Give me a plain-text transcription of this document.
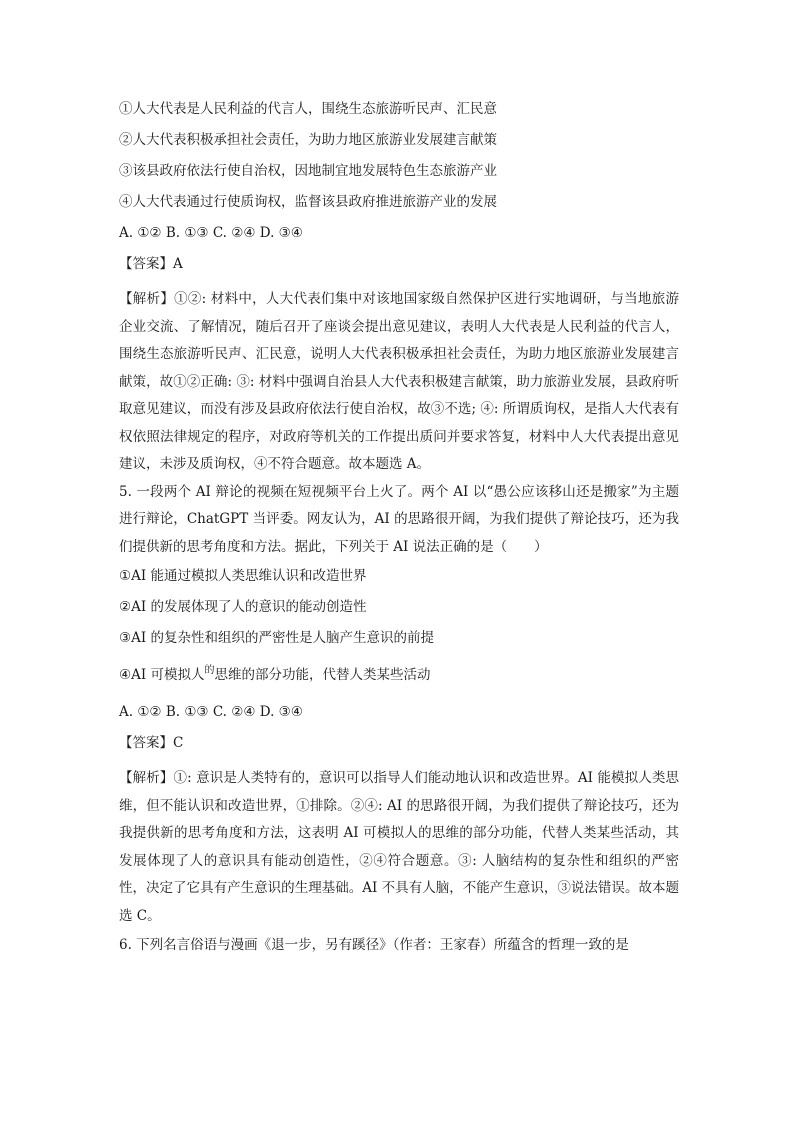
①人大代表是人民利益的代言人，围绕生态旅游听民声、汇民意
②人大代表积极承担社会责任，为助力地区旅游业发展建言献策
③该县政府依法行使自治权，因地制宜地发展特色生态旅游产业
④人大代表通过行使质询权，监督该县政府推进旅游产业的发展
A. ①② B. ①③ C. ②④ D. ③④
【答案】A
【解析】①②: 材料中，人大代表们集中对该地国家级自然保护区进行实地调研，与当地旅游企业交流、了解情况，随后召开了座谈会提出意见建议，表明人大代表是人民利益的代言人，围绕生态旅游听民声、汇民意，说明人大代表积极承担社会责任，为助力地区旅游业发展建言献策，故①②正确: ③: 材料中强调自治县人大代表积极建言献策，助力旅游业发展，县政府听取意见建议，而没有涉及县政府依法行使自治权，故③不选; ④: 所谓质询权，是指人大代表有权依照法律规定的程序，对政府等机关的工作提出质问并要求答复，材料中人大代表提出意见建议，未涉及质询权，④不符合题意。故本题选 A。
5. 一段两个 AI 辩论的视频在短视频平台上火了。两个 AI 以“愚公应该移山还是搬家”为主题进行辩论，ChatGPT 当评委。网友认为，AI 的思路很开阔，为我们提供了辩论技巧，还为我们提供新的思考角度和方法。据此，下列关于 AI 说法正确的是（　　）
①AI 能通过模拟人类思维认识和改造世界
②AI 的发展体现了人的意识的能动创造性
③AI 的复杂性和组织的严密性是人脑产生意识的前提
④AI 可模拟人$^的$思维的部分功能，代替人类某些活动
A. ①② B. ①③ C. ②④ D. ③④
【答案】C
【解析】①: 意识是人类特有的，意识可以指导人们能动地认识和改造世界。AI 能模拟人类思维，但不能认识和改造世界，①排除。②④: AI 的思路很开阔，为我们提供了辩论技巧，还为我提供新的思考角度和方法，这表明 AI 可模拟人的思维的部分功能，代替人类某些活动，其发展体现了人的意识具有能动创造性，②④符合题意。③: 人脑结构的复杂性和组织的严密性，决定了它具有产生意识的生理基础。AI 不具有人脑，不能产生意识，③说法错误。故本题选 C。
6. 下列名言俗语与漫画《退一步，另有蹊径》（作者：王家春）所蕴含的哲理一致的是
